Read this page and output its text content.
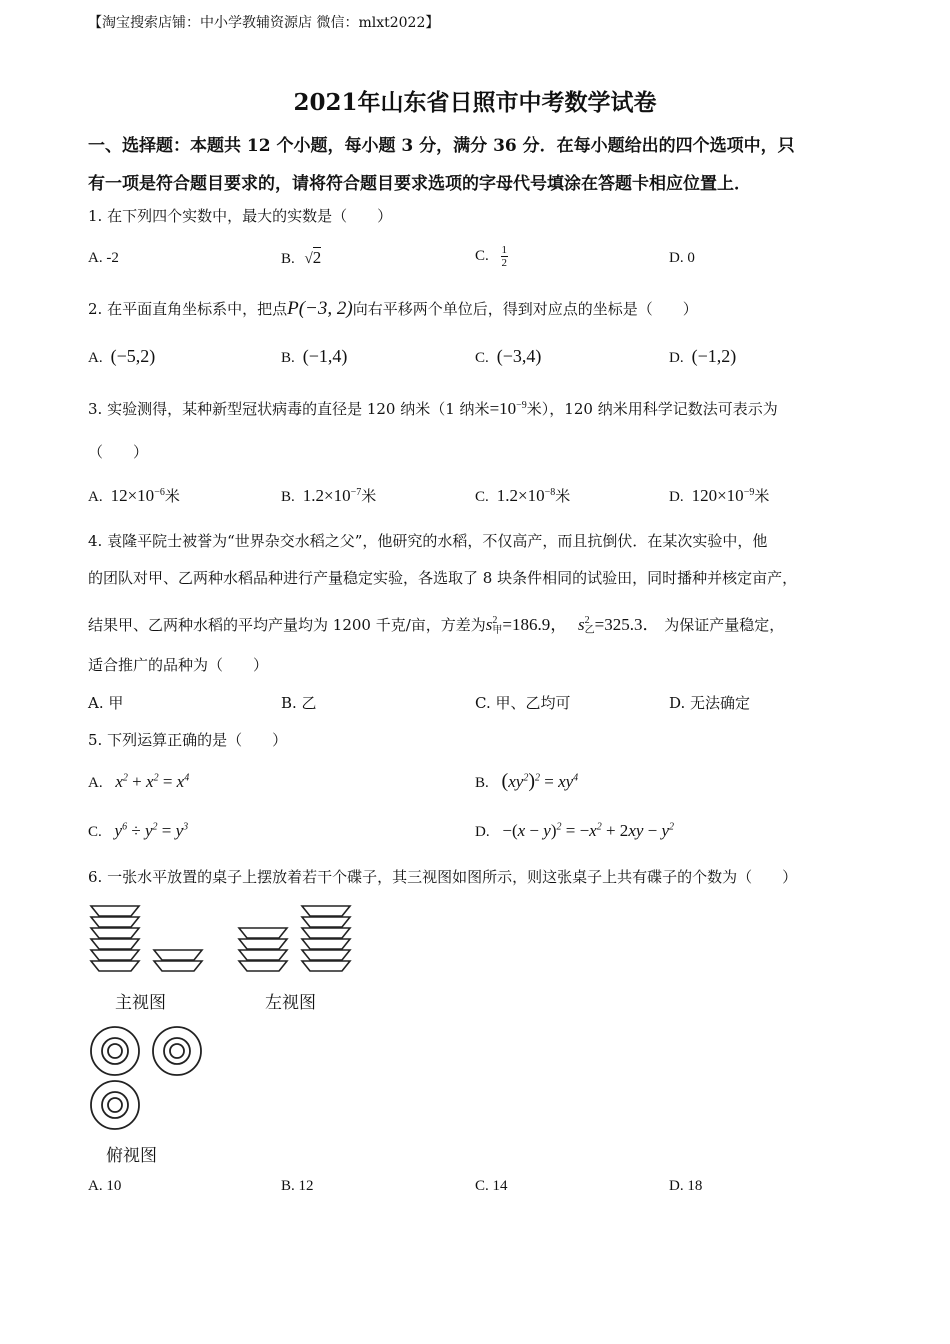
【淘宝搜索店铺：中小学教辅资源店 微信：mlxt2022】
2021年山东省日照市中考数学试卷
一、选择题：本题共 12 个小题，每小题 3 分，满分 36 分．在每小题给出的四个选项中，只
有一项是符合题目要求的，请将符合题目要求选项的字母代号填涂在答题卡相应位置上．
1. 在下列四个实数中，最大的实数是（　　）
A. -2	B. √2	C. $\frac{1}{2}$	D. 0
2. 在平面直角坐标系中，把点P(−3, 2)向右平移两个单位后，得到对应点的坐标是（　　）
A. (−5,2)	B. (−1,4)	C. (−3,4)	D. (−1,2)
3. 实验测得，某种新型冠状病毒的直径是 120 纳米（1 纳米$=10^{-9}$米），120 纳米用科学记数法可表示为
（　　）
A. $12\times 10^{-6}$米	B. $1.2\times 10^{-7}$米	C. $1.2\times 10^{-8}$米	D. $120\times 10^{-9}$米
4. 袁隆平院士被誉为“世界杂交水稻之父”，他研究的水稻，不仅高产，而且抗倒伏．在某次实验中，他
的团队对甲、乙两种水稻品种进行产量稳定实验，各选取了 8 块条件相同的试验田，同时播种并核定亩产，
结果甲、乙两种水稻的平均产量均为 1200 千克/亩，方差为s 2
甲 =186.9， s 2
乙 =325.3． 为保证产量稳定，
适合推广的品种为（　　）
A. 甲	B. 乙	C. 甲、乙均可	D. 无法确定
5. 下列运算正确的是（　　）
A. $x^2 + x^2 = x^4$	B. $(xy^2)^2 = xy^4$
C. $y^6 \div y^2 = y^3$	D. $-(x - y)^2 = -x^2 + 2xy - y^2$
6. 一张水平放置的桌子上摆放着若干个碟子，其三视图如图所示，则这张桌子上共有碟子的个数为（　　）
主视图	左视图
俯视图
A. 10	B. 12	C. 14	D. 18
